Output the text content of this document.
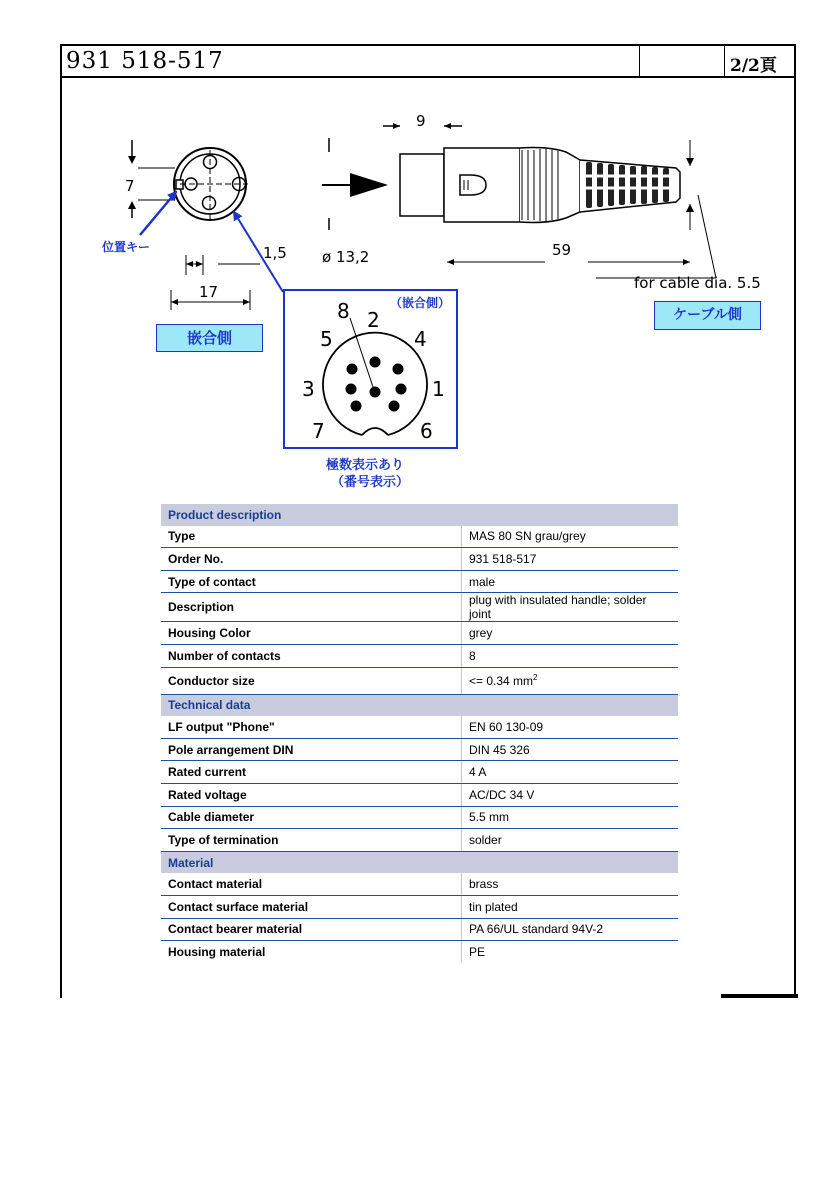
931 518-517	2/2頁
7
1,5
17
9
ø 13,2	59
for cable dia. 5.5
8 2
4
5
3	1
7	6
位置キー
嵌合側
（嵌合側）
ケーブル側
極数表示あり
（番号表示）
Product description	
Type	MAS 80 SN grau/grey
Order No.	931 518-517
Type of contact	male
Description	plug with insulated handle; solder joint
Housing Color	grey
Number of contacts	8
Conductor size	<= 0.34 $mm^2$
Technical data	
LF output "Phone"	EN 60 130-09
Pole arrangement DIN	DIN 45 326
Rated current	4 A
Rated voltage	AC/DC 34 V
Cable diameter	5.5 mm
Type of termination	solder
Material	
Contact material	brass
Contact surface material	tin plated
Contact bearer material	PA 66/UL standard 94V-2
Housing material	PE
